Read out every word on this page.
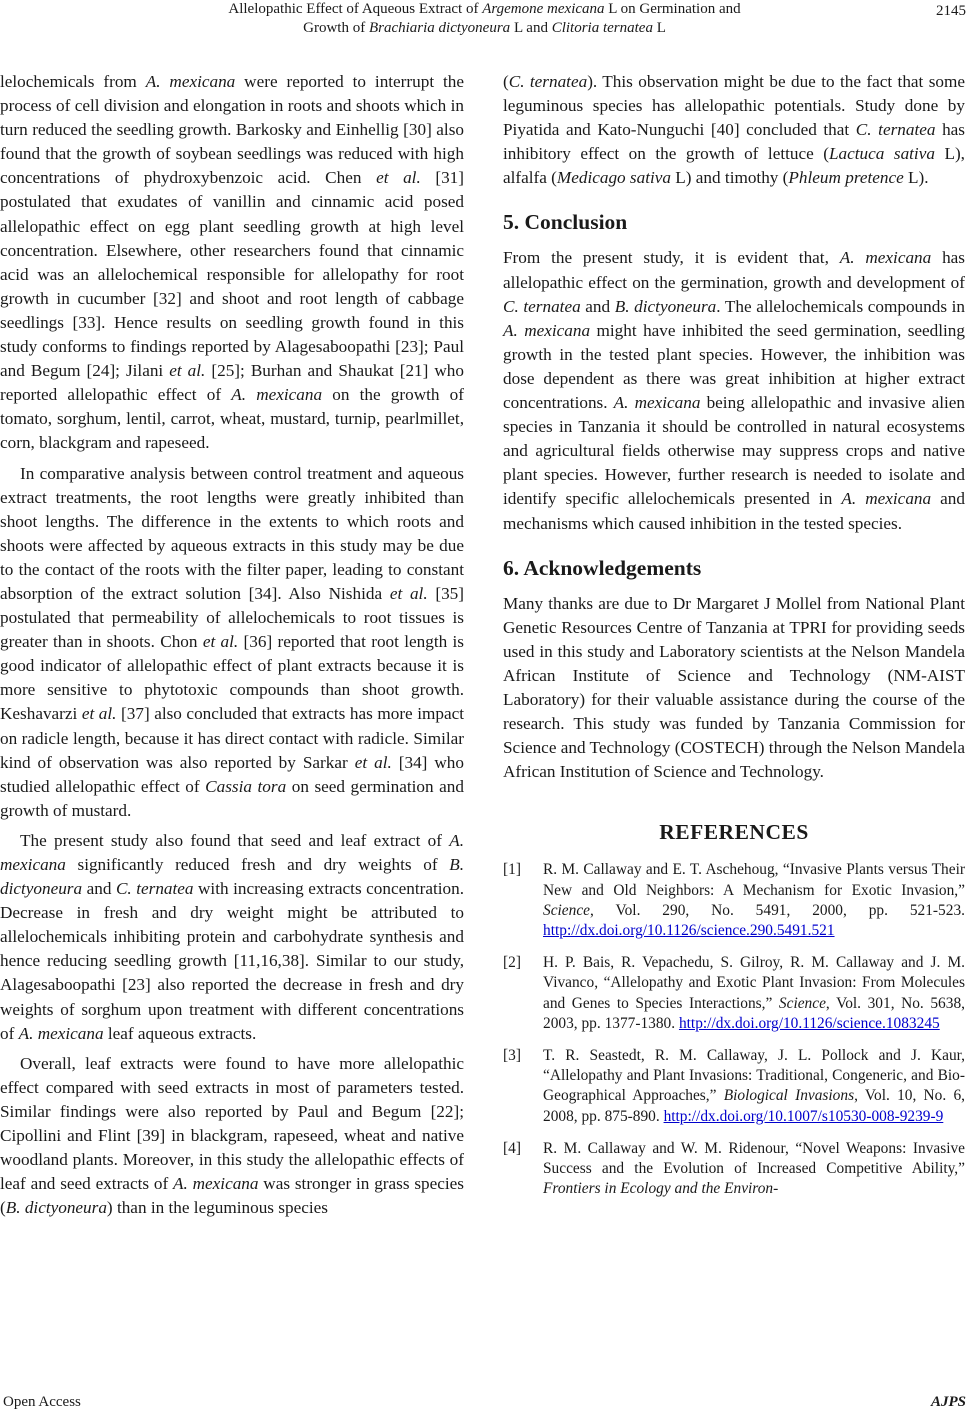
Allelopathic Effect of Aqueous Extract of Argemone mexicana L on Germination and
Growth of Brachiaria dictyoneura L and Clitoria ternatea L
2145

lelochemicals from A. mexicana were reported to interrupt the process of cell division and elongation in roots and shoots which in turn reduced the seedling growth. Barkosky and Einhellig [30] also found that the growth of soybean seedlings was reduced with high concentrations of phydroxybenzoic acid. Chen et al. [31] postulated that exudates of vanillin and cinnamic acid posed allelopathic effect on egg plant seedling growth at high level concentration. Elsewhere, other researchers found that cinnamic acid was an allelochemical responsible for allelopathy for root growth in cucumber [32] and shoot and root length of cabbage seedlings [33]. Hence results on seedling growth found in this study conforms to findings reported by Alagesaboopathi [23]; Paul and Begum [24]; Jilani et al. [25]; Burhan and Shaukat [21] who reported allelopathic effect of A. mexicana on the growth of tomato, sorghum, lentil, carrot, wheat, mustard, turnip, pearlmillet, corn, blackgram and rapeseed.

In comparative analysis between control treatment and aqueous extract treatments, the root lengths were greatly inhibited than shoot lengths. The difference in the extents to which roots and shoots were affected by aqueous extracts in this study may be due to the contact of the roots with the filter paper, leading to constant absorption of the extract solution [34]. Also Nishida et al. [35] postulated that permeability of allelochemicals to root tissues is greater than in shoots. Chon et al. [36] reported that root length is good indicator of allelopathic effect of plant extracts because it is more sensitive to phytotoxic compounds than shoot growth. Keshavarzi et al. [37] also concluded that extracts has more impact on radicle length, because it has direct contact with radicle. Similar kind of observation was also reported by Sarkar et al. [34] who studied allelopathic effect of Cassia tora on seed germination and growth of mustard.

The present study also found that seed and leaf extract of A. mexicana significantly reduced fresh and dry weights of B. dictyoneura and C. ternatea with increasing extracts concentration. Decrease in fresh and dry weight might be attributed to allelochemicals inhibiting protein and carbohydrate synthesis and hence reducing seedling growth [11,16,38]. Similar to our study, Alagesaboopathi [23] also reported the decrease in fresh and dry weights of sorghum upon treatment with different concentrations of A. mexicana leaf aqueous extracts.

Overall, leaf extracts were found to have more allelopathic effect compared with seed extracts in most of parameters tested. Similar findings were also reported by Paul and Begum [22]; Cipollini and Flint [39] in blackgram, rapeseed, wheat and native woodland plants. Moreover, in this study the allelopathic effects of leaf and seed extracts of A. mexicana was stronger in grass species (B. dictyoneura) than in the leguminous species

(C. ternatea). This observation might be due to the fact that some leguminous species has allelopathic potentials. Study done by Piyatida and Kato-Nunguchi [40] concluded that C. ternatea has inhibitory effect on the growth of lettuce (Lactuca sativa L), alfalfa (Medicago sativa L) and timothy (Phleum pretence L).

5. Conclusion

From the present study, it is evident that, A. mexicana has allelopathic effect on the germination, growth and development of C. ternatea and B. dictyoneura. The allelochemicals compounds in A. mexicana might have inhibited the seed germination, seedling growth in the tested plant species. However, the inhibition was dose dependent as there was great inhibition at higher extract concentrations. A. mexicana being allelopathic and invasive alien species in Tanzania it should be controlled in natural ecosystems and agricultural fields otherwise may suppress crops and native plant species. However, further research is needed to isolate and identify specific allelochemicals presented in A. mexicana and mechanisms which caused inhibition in the tested species.

6. Acknowledgements

Many thanks are due to Dr Margaret J Mollel from National Plant Genetic Resources Centre of Tanzania at TPRI for providing seeds used in this study and Laboratory scientists at the Nelson Mandela African Institute of Science and Technology (NM-AIST Laboratory) for their valuable assistance during the course of the research. This study was funded by Tanzania Commission for Science and Technology (COSTECH) through the Nelson Mandela African Institution of Science and Technology.

REFERENCES
[1] R. M. Callaway and E. T. Aschehoug, “Invasive Plants versus Their New and Old Neighbors: A Mechanism for Exotic Invasion,” Science, Vol. 290, No. 5491, 2000, pp. 521-523. http://dx.doi.org/10.1126/science.290.5491.521
[2] H. P. Bais, R. Vepachedu, S. Gilroy, R. M. Callaway and J. M. Vivanco, “Allelopathy and Exotic Plant Invasion: From Molecules and Genes to Species Interactions,” Science, Vol. 301, No. 5638, 2003, pp. 1377-1380. http://dx.doi.org/10.1126/science.1083245
[3] T. R. Seastedt, R. M. Callaway, J. L. Pollock and J. Kaur, “Allelopathy and Plant Invasions: Traditional, Congeneric, and Bio-Geographical Approaches,” Biological Invasions, Vol. 10, No. 6, 2008, pp. 875-890. http://dx.doi.org/10.1007/s10530-008-9239-9
[4] R. M. Callaway and W. M. Ridenour, “Novel Weapons: Invasive Success and the Evolution of Increased Competitive Ability,” Frontiers in Ecology and the Environ-
Open Access	AJPS
